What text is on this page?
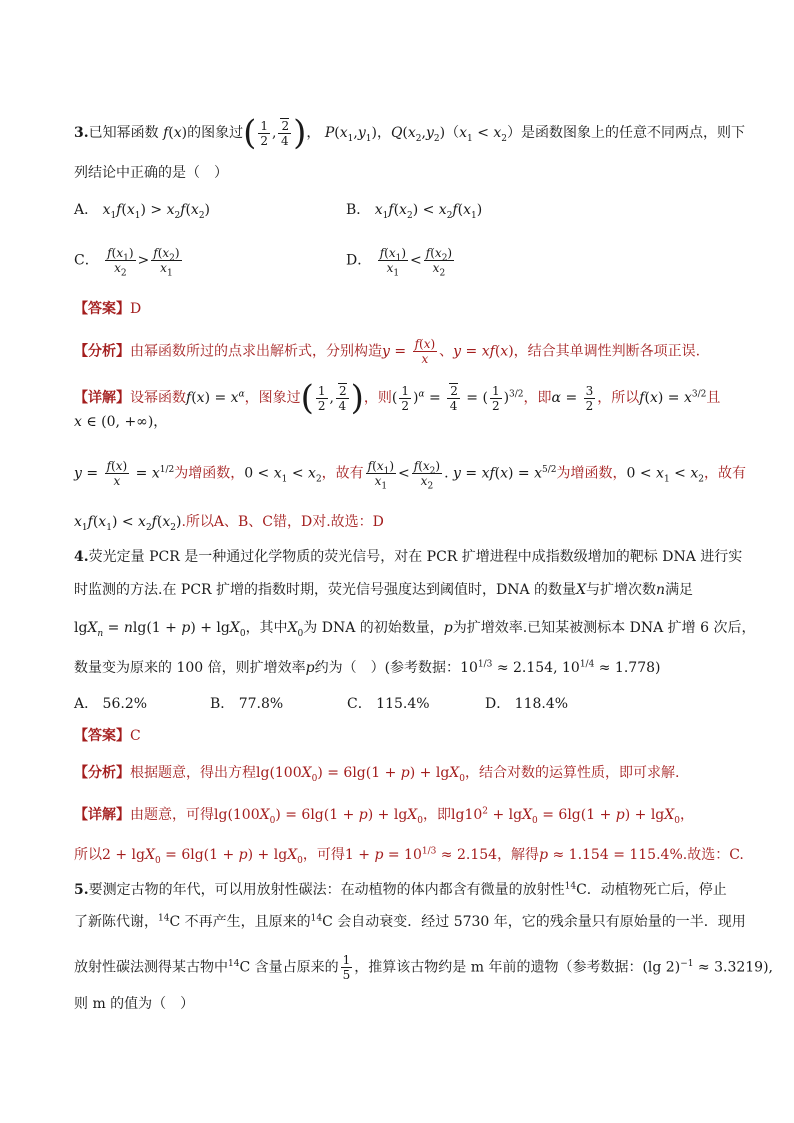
3.已知幂函数 f(x)的图象过( $\frac{1}{2}$ , $\frac{2}{4}$ )， $P(x_1,y_1)$，$Q(x_2,y_2)(x_1 < x_2)$是函数图象上的任意不同两点，则下
列结论中正确的是（　）
A． $x_1f(x_1) > x_2f(x_2)$	B． $x_1f(x_2) < x_2f(x_1)$
C． $\frac{f(x_1)}{x_2} > \frac{f(x_2)}{x_1}$	D． $\frac{f(x_1)}{x_1} < \frac{f(x_2)}{x_2}$
【答案】D
【分析】由幂函数所过的点求出解析式，分别构造$y = \frac{f(x)}{x}$ 、y = xf(x)，结合其单调性判断各项正误.
【详解】设幂函数$f(x) = x^\alpha$，图象过( $\frac{1}{2}$ , $\frac{2}{4}$ )，则( $\frac{1}{2} )^\alpha = \frac{2}{4}$ = ( $\frac{1}{2} )^{3/2}$，即$\alpha = \frac{3}{2}$ ，所以$f(x) = x^{3/2}$且
x ∈ (0, +∞)，
$y = \frac{f(x)}{x} = x^{1/2}$为增函数，$0 < x_1 < x_2$，故有 $\frac{f(x_1)}{x_1} < \frac{f(x_2)}{x_2}$ . $y = xf(x) = x^{5/2}$为增函数，$0 < x_1 < x_2$，故有
$x_1f(x_1) < x_2f(x_2)$.所以A、B、C错，D对.故选：D
4.荧光定量 PCR 是一种通过化学物质的荧光信号，对在 PCR 扩增进程中成指数级增加的靶标 DNA 进行实
时监测的方法.在 PCR 扩增的指数时期，荧光信号强度达到阈值时，DNA 的数量X与扩增次数n满足
lgX$_n$ = nlg(1 + p) + lgX$_0$，其中$X_0$为 DNA 的初始数量，p为扩增效率.已知某被测标本 DNA 扩增 6 次后，
数量变为原来的 100 倍，则扩增效率p约为（　）(参考数据：$10^{1/3} \approx 2.154$, $10^{1/4} \approx 1.778$)
A． 56.2%	B． 77.8%	C． 115.4%	D． 118.4%
【答案】C
【分析】根据题意，得出方程$\lg(100X_0) = 6\lg(1 + p) + \lg X_0$，结合对数的运算性质，即可求解.
【详解】由题意，可得$\lg(100X_0) = 6\lg(1 + p) + \lg X_0$，即$\lg 10^2 + \lg X_0 = 6\lg(1 + p) + \lg X_0$，
所以2 + lgX$_0$ = 6lg(1 + p) + lgX$_0$，可得$1 + p = 10^{1/3} \approx 2.154$，解得p ≈ 1.154 = 115.4%.故选：C.
5.要测定古物的年代，可以用放射性碳法：在动植物的体内都含有微量的放射性$^{14}$C．动植物死亡后，停止
了新陈代谢，$^{14}$C 不再产生，且原来的$^{14}$C 会自动衰变．经过 5730 年，它的残余量只有原始量的一半．现用
放射性碳法测得某古物中$^{14}$C 含量占原来的 $\frac{1}{5}$ ，推算该古物约是 m 年前的遗物（参考数据：(lg 2)$^{-1}$ ≈ 3.3219),
则 m 的值为（　）
